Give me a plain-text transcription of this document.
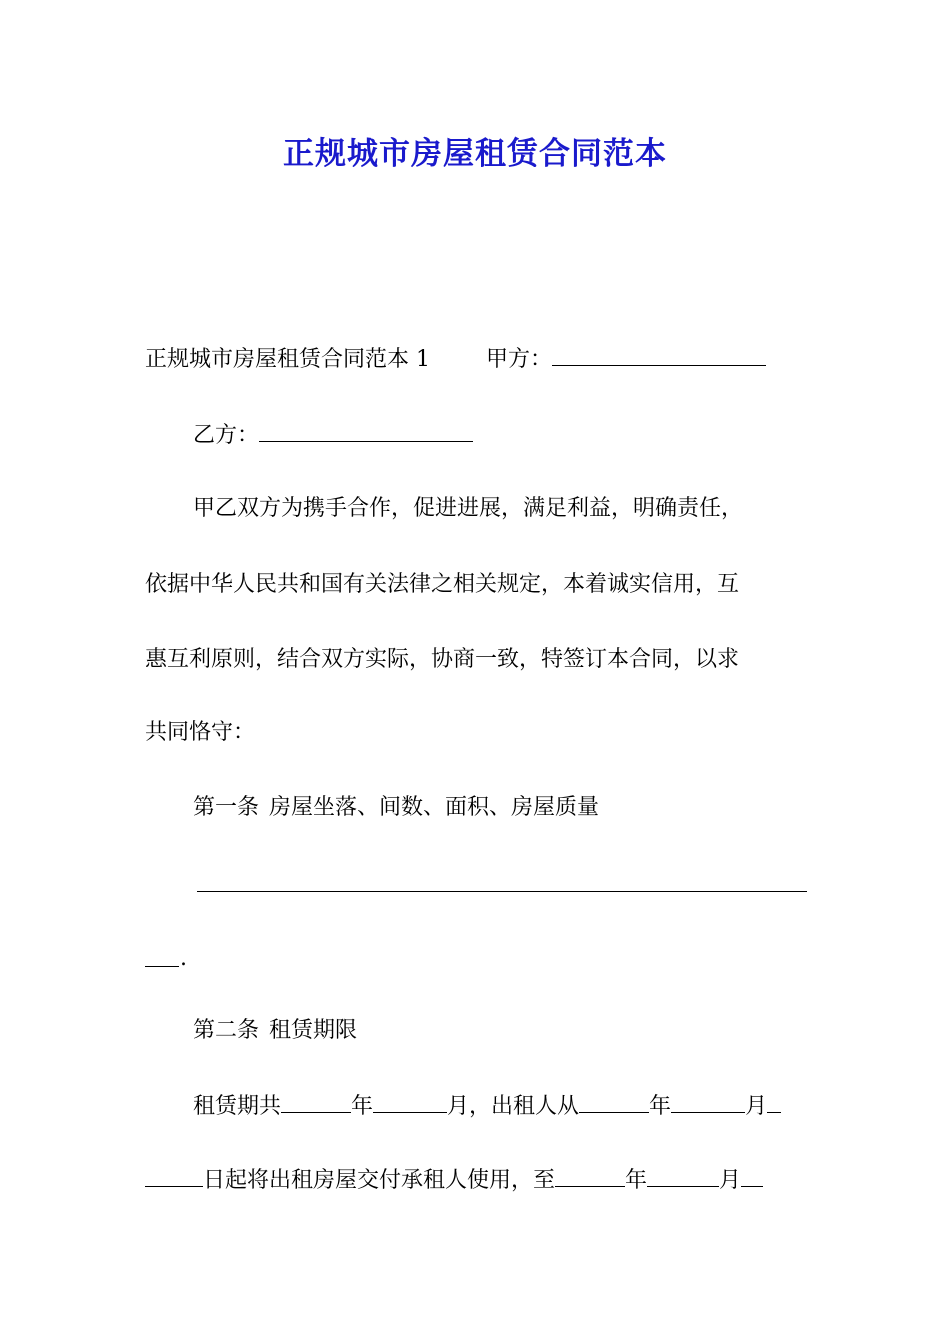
正规城市房屋租赁合同范本
正规城市房屋租赁合同范本 1	甲方：
乙方：
甲乙双方为携手合作，促进进展，满足利益，明确责任，
依据中华人民共和国有关法律之相关规定，本着诚实信用，互
惠互利原则，结合双方实际，协商一致，特签订本合同，以求
共同恪守：
第一条 房屋坐落、间数、面积、房屋质量
.
第二条 租赁期限
租赁期共	年	月，出租人从	年	月
日起将出租房屋交付承租人使用，至	年	月
